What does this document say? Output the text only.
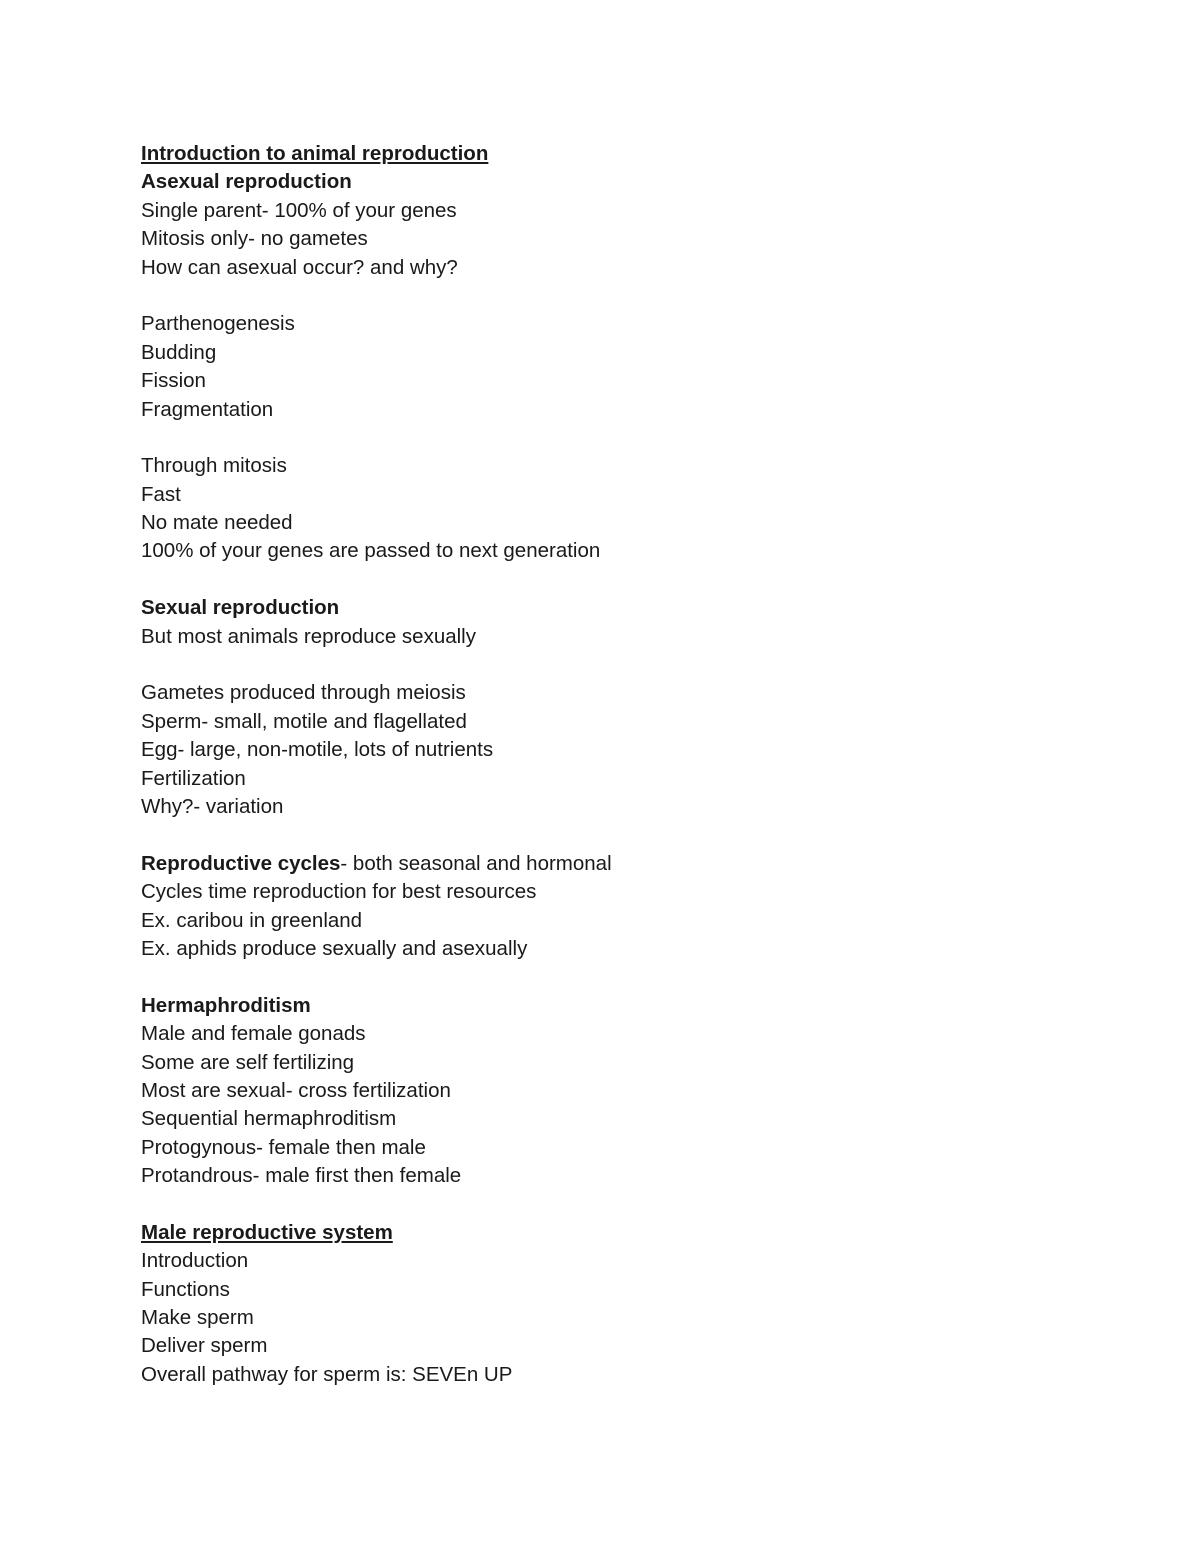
Introduction to animal reproduction
Asexual reproduction
Single parent- 100% of your genes
Mitosis only- no gametes
How can asexual occur? and why?
Parthenogenesis
Budding
Fission
Fragmentation
Through mitosis
Fast
No mate needed
100% of your genes are passed to next generation
Sexual reproduction
But most animals reproduce sexually
Gametes produced through meiosis
Sperm- small, motile and flagellated
Egg- large, non-motile, lots of nutrients
Fertilization
Why?- variation
Reproductive cycles- both seasonal and hormonal
Cycles time reproduction for best resources
Ex. caribou in greenland
Ex. aphids produce sexually and asexually
Hermaphroditism
Male and female gonads
Some are self fertilizing
Most are sexual- cross fertilization
Sequential hermaphroditism
Protogynous- female then male
Protandrous- male first then female
Male reproductive system
Introduction
Functions
Make sperm
Deliver sperm
Overall pathway for sperm is: SEVEn UP
